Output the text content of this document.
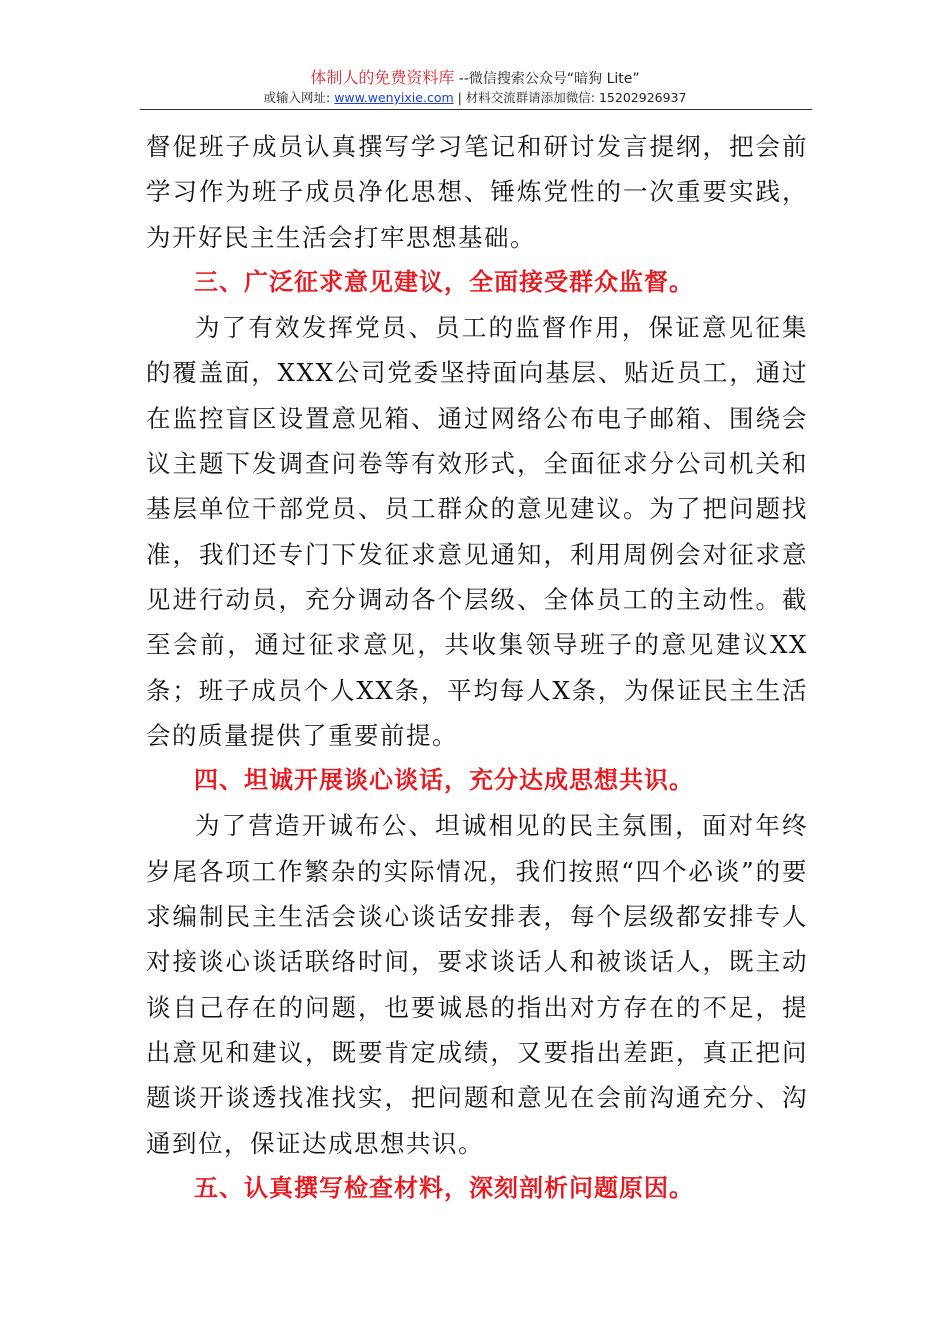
体制人的免费资料库 --微信搜索公众号“暗狗 Lite”
或输入网址: www.wenyixie.com | 材料交流群请添加微信: 15202926937

督促班子成员认真撰写学习笔记和研讨发言提纲，把会前学习作为班子成员净化思想、锤炼党性的一次重要实践，为开好民主生活会打牢思想基础。

三、广泛征求意见建议，全面接受群众监督。

为了有效发挥党员、员工的监督作用，保证意见征集的覆盖面，XXX公司党委坚持面向基层、贴近员工，通过在监控盲区设置意见箱、通过网络公布电子邮箱、围绕会议主题下发调查问卷等有效形式，全面征求分公司机关和基层单位干部党员、员工群众的意见建议。为了把问题找准，我们还专门下发征求意见通知，利用周例会对征求意见进行动员，充分调动各个层级、全体员工的主动性。截至会前，通过征求意见，共收集领导班子的意见建议XX条；班子成员个人XX条，平均每人X条，为保证民主生活会的质量提供了重要前提。

四、坦诚开展谈心谈话，充分达成思想共识。

为了营造开诚布公、坦诚相见的民主氛围，面对年终岁尾各项工作繁杂的实际情况，我们按照“四个必谈”的要求编制民主生活会谈心谈话安排表，每个层级都安排专人对接谈心谈话联络时间，要求谈话人和被谈话人，既主动谈自己存在的问题，也要诚恳的指出对方存在的不足，提出意见和建议，既要肯定成绩，又要指出差距，真正把问题谈开谈透找准找实，把问题和意见在会前沟通充分、沟通到位，保证达成思想共识。

五、认真撰写检查材料，深刻剖析问题原因。
